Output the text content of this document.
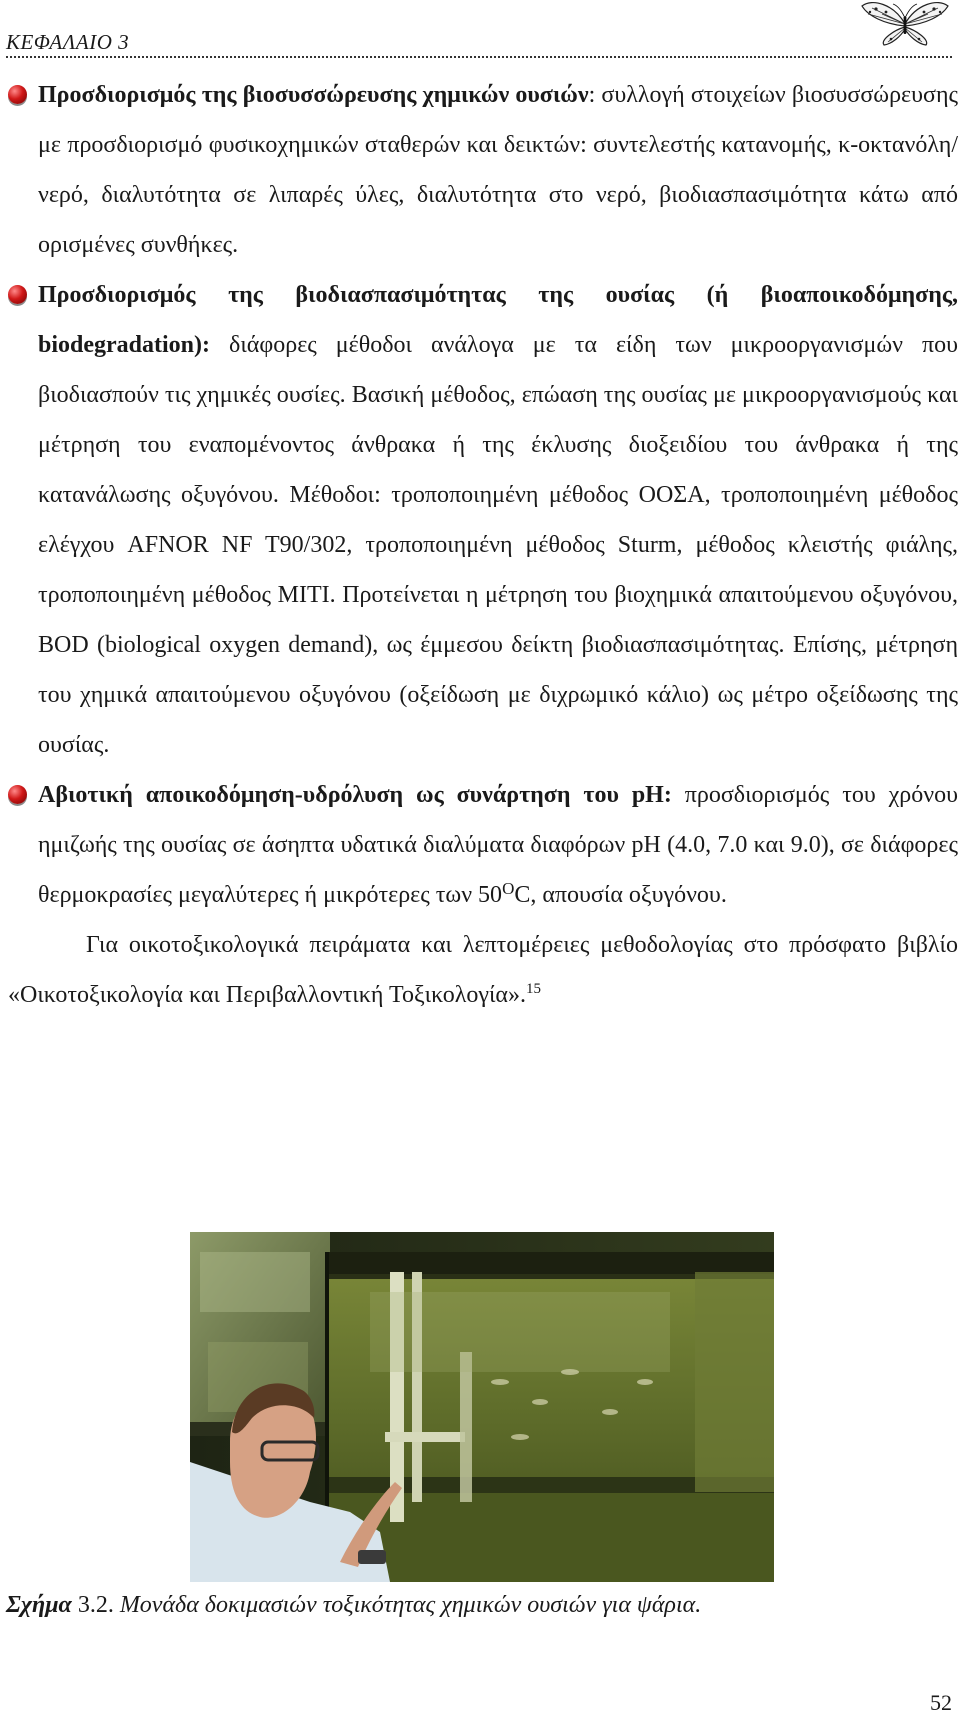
ΚΕΦΑΛΑΙΟ 3
Προσδιορισμός της βιοσυσσώρευσης χημικών ουσιών: συλλογή στοιχείων βιοσυσσώρευσης με προσδιορισμό φυσικοχημικών σταθερών και δεικτών: συντελεστής κατανομής, κ-οκτανόλη/νερό, διαλυτότητα σε λιπαρές ύλες, διαλυτότητα στο νερό, βιοδιασπασιμότητα κάτω από ορισμένες συνθήκες.
Προσδιορισμός της βιοδιασπασιμότητας της ουσίας (ή βιοαποικοδόμησης, biodegradation): διάφορες μέθοδοι ανάλογα με τα είδη των μικροοργανισμών που βιοδιασπούν τις χημικές ουσίες. Βασική μέθοδος, επώαση της ουσίας με μικροοργανισμούς και μέτρηση του εναπομένοντος άνθρακα ή της έκλυσης διοξειδίου του άνθρακα ή της κατανάλωσης οξυγόνου. Μέθοδοι: τροποποιημένη μέθοδος ΟΟΣΑ, τροποποιημένη μέθοδος ελέγχου AFNOR NF T90/302, τροποποιημένη μέθοδος Sturm, μέθοδος κλειστής φιάλης, τροποποιημένη μέθοδος MITI. Προτείνεται η μέτρηση του βιοχημικά απαιτούμενου οξυγόνου, BOD (biological oxygen demand), ως έμμεσου δείκτη βιοδιασπασιμότητας. Επίσης, μέτρηση του χημικά απαιτούμενου οξυγόνου (οξείδωση με διχρωμικό κάλιο) ως μέτρο οξείδωσης της ουσίας.
Αβιοτική αποικοδόμηση-υδρόλυση ως συνάρτηση του pH: προσδιορισμός του χρόνου ημιζωής της ουσίας σε άσηπτα υδατικά διαλύματα διαφόρων pH (4.0, 7.0 και 9.0), σε διάφορες θερμοκρασίες μεγαλύτερες ή μικρότερες των $50^OC$, απουσία οξυγόνου.
Για οικοτοξικολογικά πειράματα και λεπτομέρειες μεθοδολογίας στο πρόσφατο βιβλίο «Οικοτοξικολογία και Περιβαλλοντική Τοξικολογία».$^{15}$
Σχήμα 3.2. Μονάδα δοκιμασιών τοξικότητας χημικών ουσιών για ψάρια.
52
